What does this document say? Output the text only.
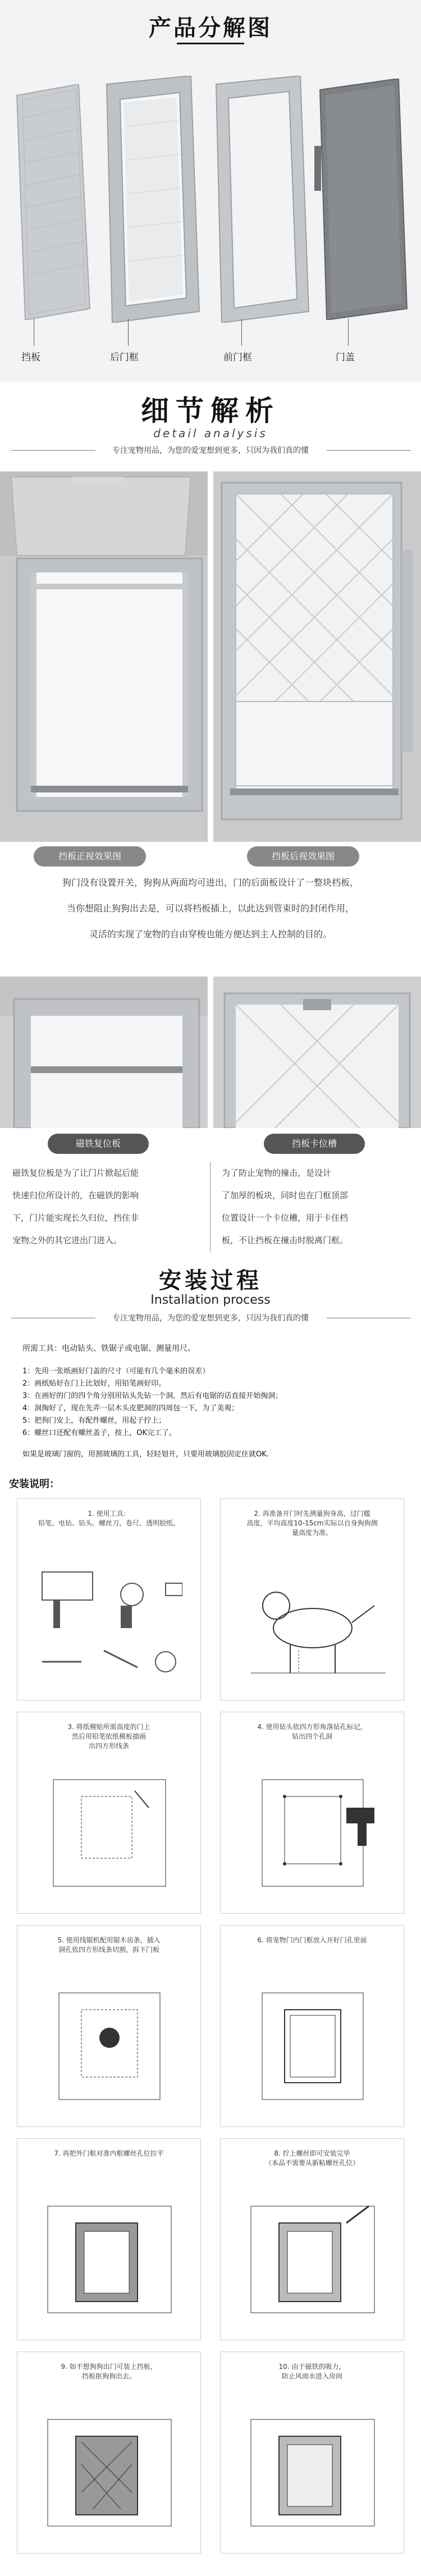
产品分解图
挡板	后门框	前门框	门盖
细节解析
detail analysis
专注宠物用品，为您的爱宠想到更多，只因为我们真的懂
挡板正视效果图	挡板后视效果图
狗门没有设置开关，狗狗从两面均可进出，门的后面板设计了一整块档板，
当你想阻止狗狗出去是，可以将档板插上，以此达到管束时的封闭作用，
灵活的实现了宠物的自由穿梭也能方便达到主人控制的目的。
磁铁复位板	挡板卡位槽
磁铁复位板是为了让门片掀起后能
快速归位所设计的，在磁铁的影响
下，门片能实现长久归位，挡住非
宠物之外的其它进出门进入。
为了防止宠物的撞击，是设计
了加厚的板块，同时也在门框顶部
位置设计一个卡位槽，用于卡住档
板，不让挡板在撞击时脱离门框。
安装过程
Installation process
专注宠物用品，为您的爱宠想到更多，只因为我们真的懂
所需工具：电动钻头、铁锯子或电锯、测量用尺。
1：先用一张纸画好门盖的尺寸（可能有几个毫米的误差）
2：画纸贴好在门上比划好，用铅笔画好印。
3：在画好的门的四个角分别用钻头先钻一个洞，然后有电锯的话直接开始掏洞；
4：洞掏好了，现在先弄一层木头皮肥洞的四周包一下，为了美观；
5：把狗门安上，有配件螺丝，用起子拧上；
6：螺丝口还配有螺丝盖子，按上，OK完工了。
如果是玻璃门窗的，用割玻璃的工具，轻轻划开，只要用玻璃胶固定住就OK.
安装说明：
1. 使用工具：
铅笔、电钻、钻头、螺丝刀、卷尺、透明胶纸。
2. 再准备开门时先测量狗身高，过门槛
高度，平均高度10-15cm实际以自身狗狗测
量高度为准。
3. 将纸模贴所需高度的门上
然后用铅笔依纸模板描画
出四方形线条
4. 使用钻头依四方形角落钻孔标记，
钻出四个孔洞
5. 使用线锯机配用锯木齿条，插入
洞孔依四方形线条切割，拆下门板
6. 将宠物门内门框放入开好门孔里面
7. 再把外门框对准内框螺丝孔位拉平	8. 拧上螺丝即可安装完毕
（本品不需要从新粘螺丝孔位）
9. 如不想狗狗出门可装上挡板，
挡板抠狗狗出去。
10. 由于磁铁的吸力，
防止风雨水进入房间
